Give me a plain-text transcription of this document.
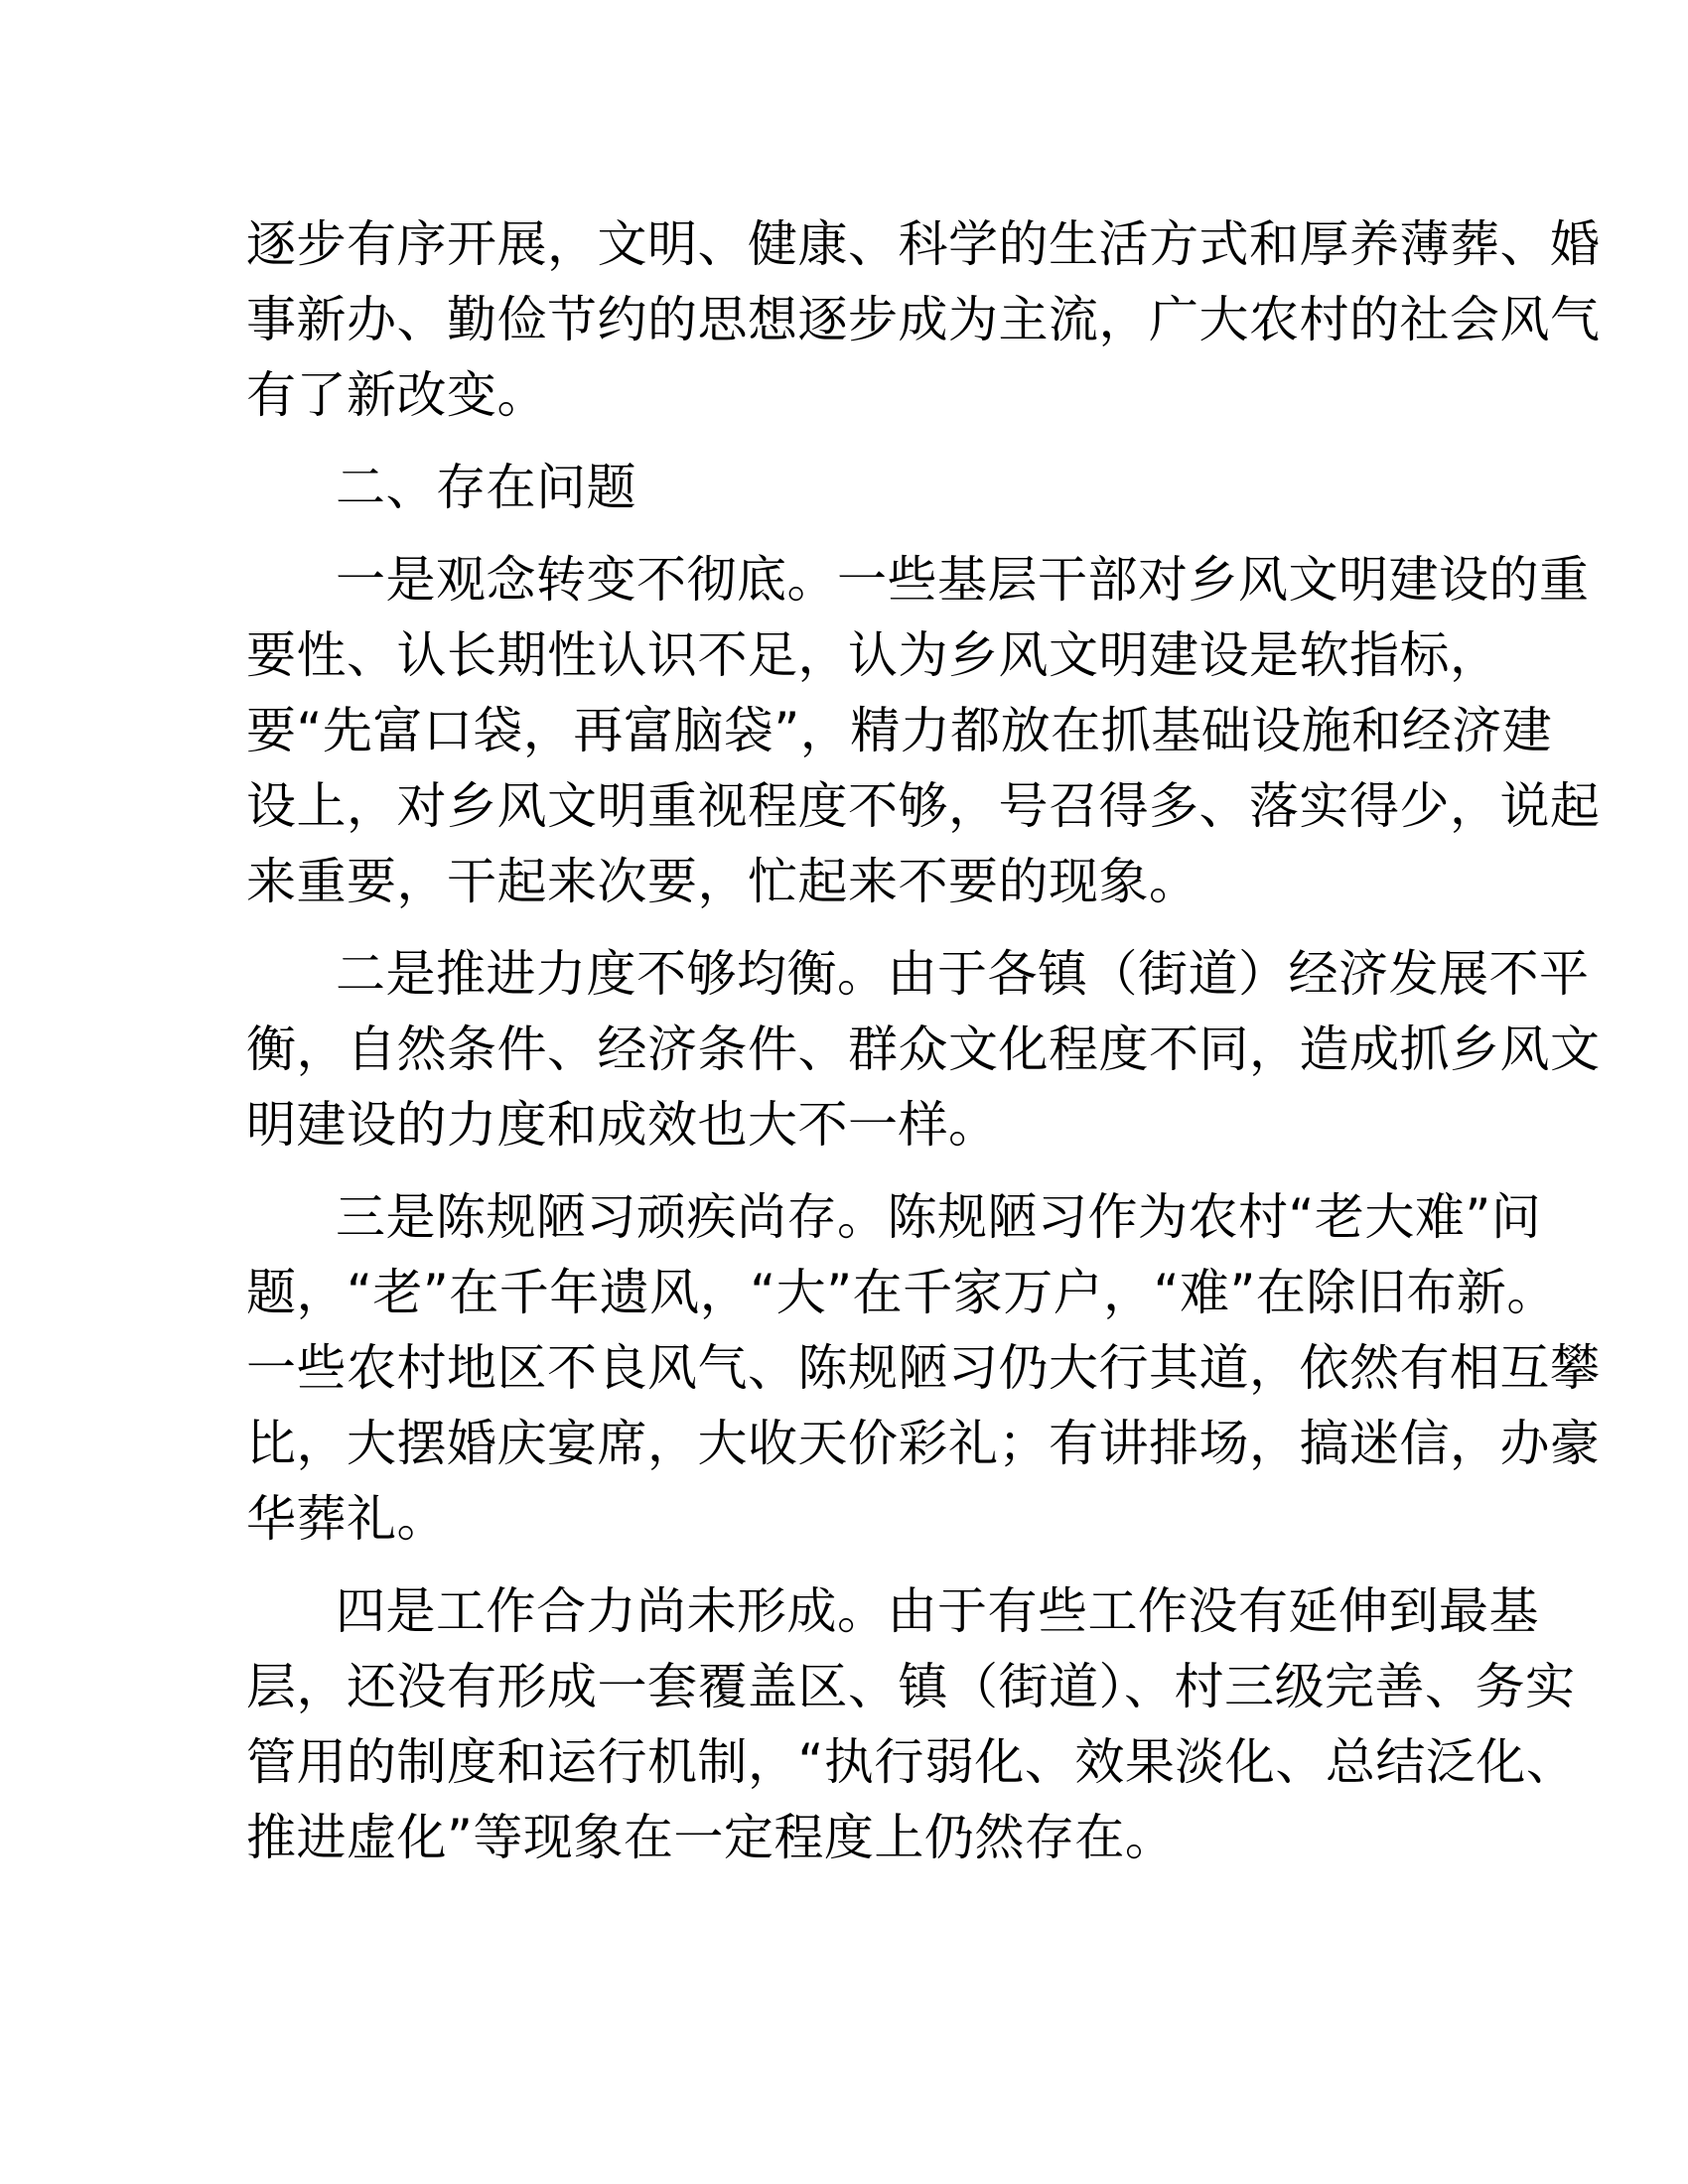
逐步有序开展，文明、健康、科学的生活方式和厚养薄葬、婚
事新办、勤俭节约的思想逐步成为主流，广大农村的社会风气
有了新改变。
二、存在问题
一是观念转变不彻底。一些基层干部对乡风文明建设的重
要性、认长期性认识不足，认为乡风文明建设是软指标，
要“先富口袋，再富脑袋”，精力都放在抓基础设施和经济建
设上，对乡风文明重视程度不够，号召得多、落实得少，说起
来重要，干起来次要，忙起来不要的现象。
二是推进力度不够均衡。由于各镇（街道）经济发展不平
衡，自然条件、经济条件、群众文化程度不同，造成抓乡风文
明建设的力度和成效也大不一样。
三是陈规陋习顽疾尚存。陈规陋习作为农村“老大难”问
题，“老”在千年遗风，“大”在千家万户，“难”在除旧布新。
一些农村地区不良风气、陈规陋习仍大行其道，依然有相互攀
比，大摆婚庆宴席，大收天价彩礼；有讲排场，搞迷信，办豪
华葬礼。
四是工作合力尚未形成。由于有些工作没有延伸到最基
层，还没有形成一套覆盖区、镇（街道）、村三级完善、务实
管用的制度和运行机制，“执行弱化、效果淡化、总结泛化、
推进虚化”等现象在一定程度上仍然存在。
